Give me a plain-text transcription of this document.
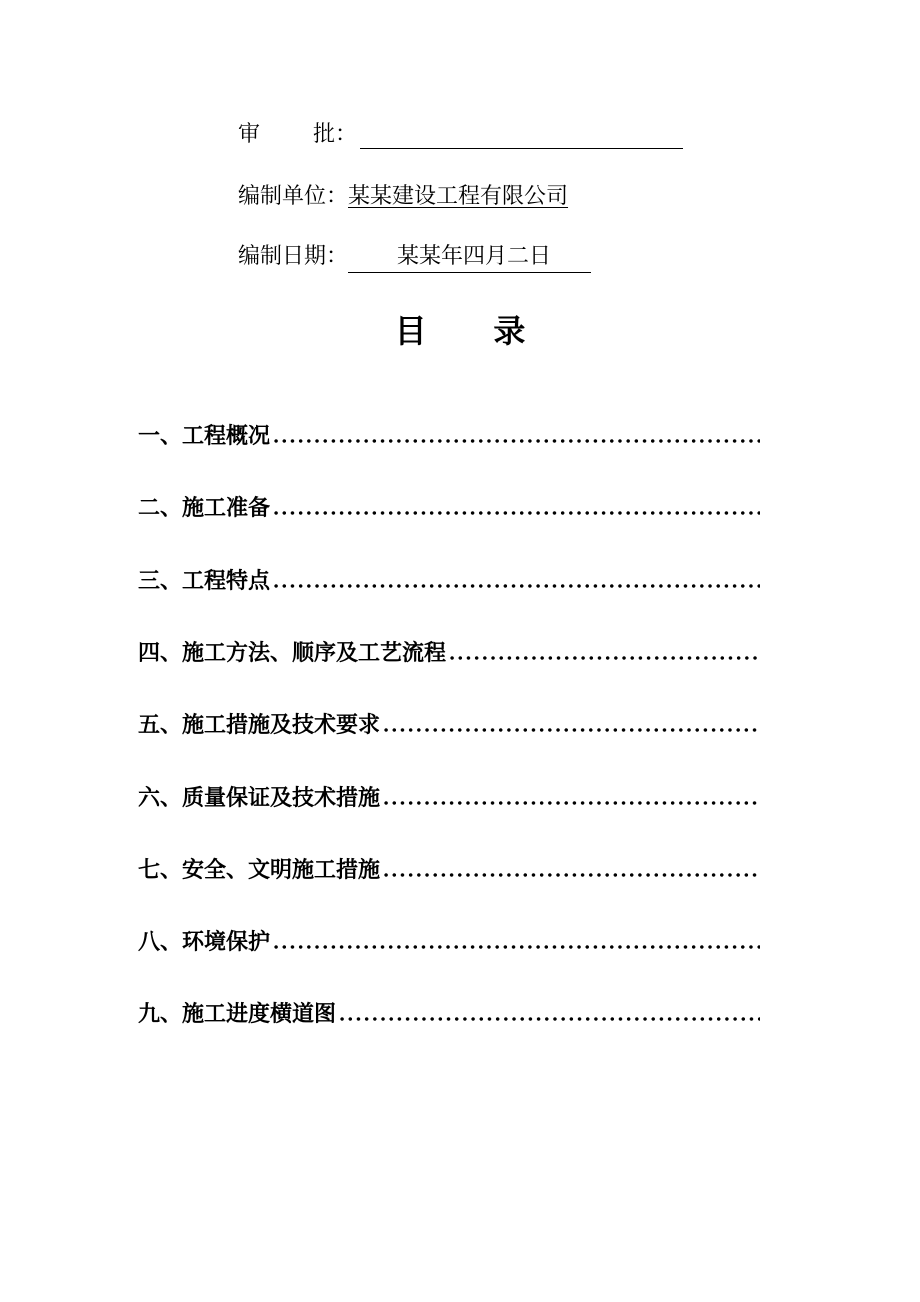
审 批：
编制单位：某某建设工程有限公司
编制日期： 某某年四月二日
目      录
一、工程概况
二、施工准备
三、工程特点
四、施工方法、顺序及工艺流程
五、施工措施及技术要求
六、质量保证及技术措施
七、安全、文明施工措施
八、环境保护
九、施工进度横道图
